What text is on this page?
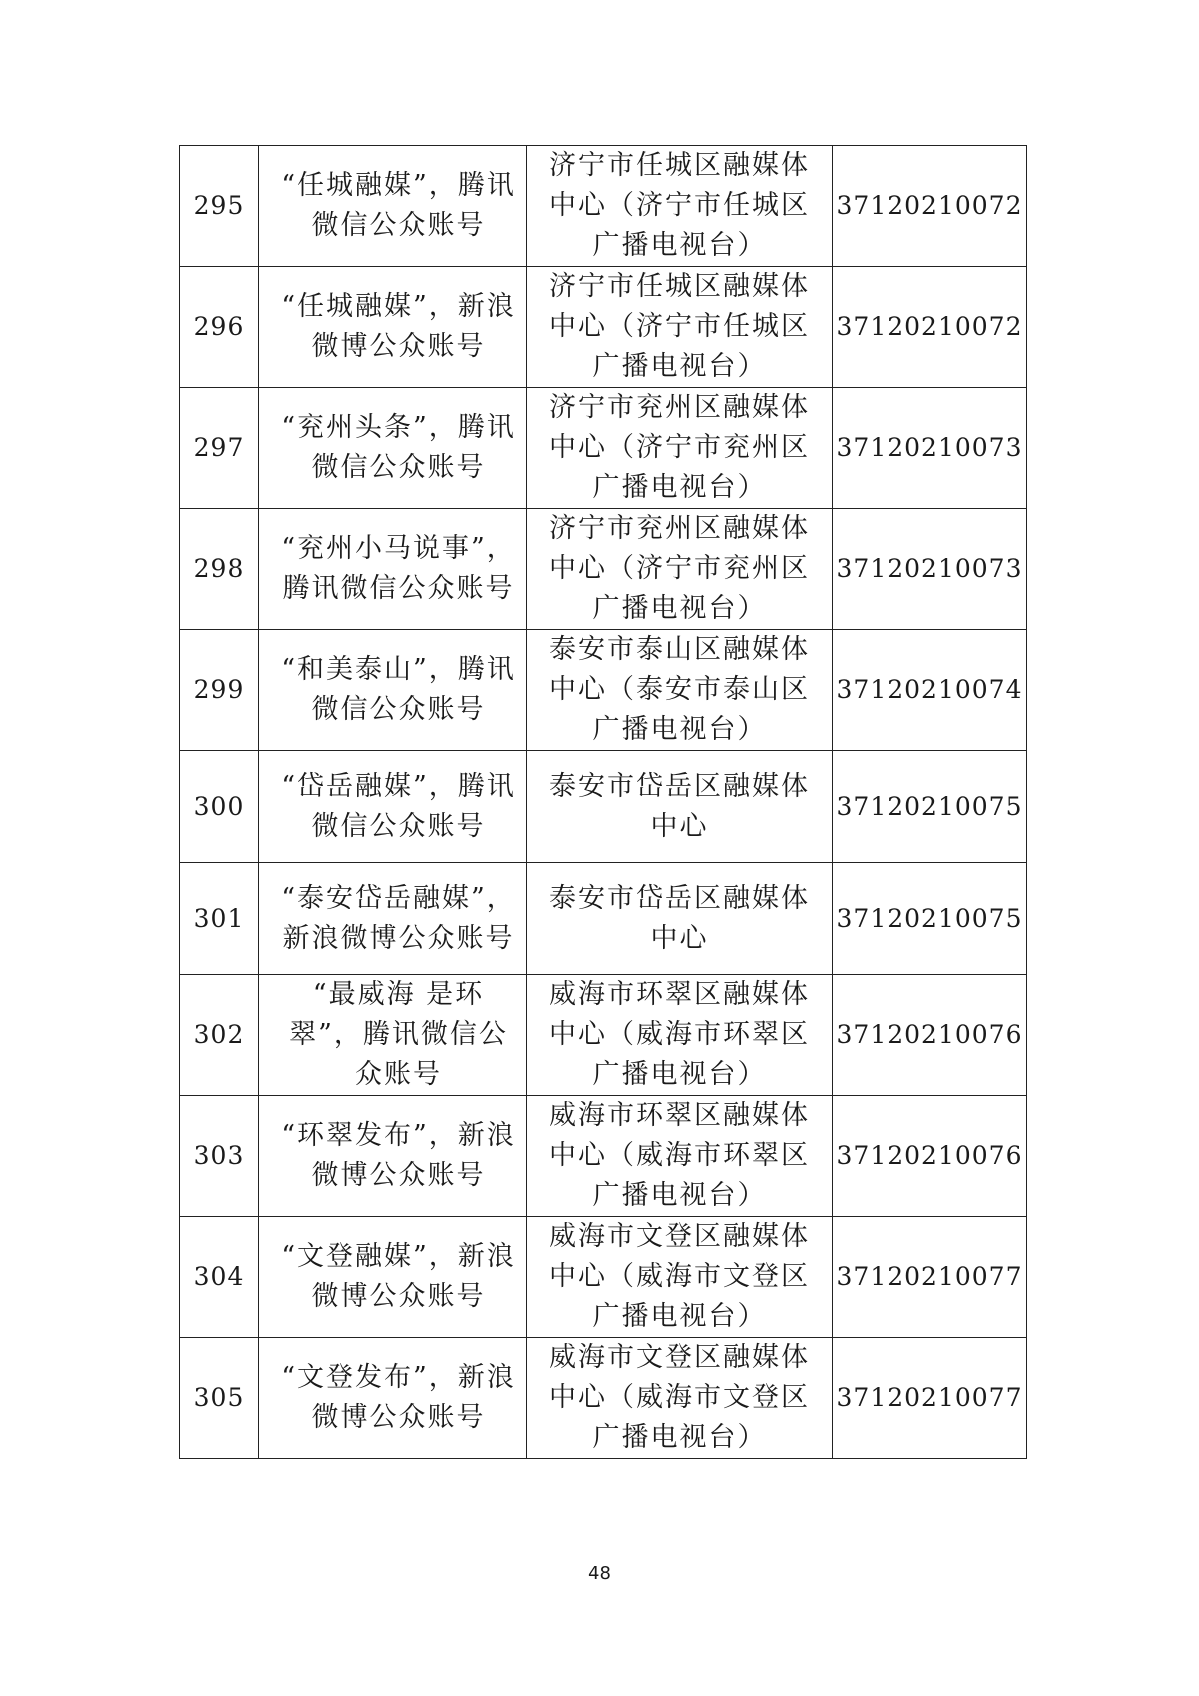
295	“任城融媒”，腾讯微信公众账号	济宁市任城区融媒体中心（济宁市任城区广播电视台）	37120210072
296	“任城融媒”，新浪微博公众账号	济宁市任城区融媒体中心（济宁市任城区广播电视台）	37120210072
297	“兖州头条”，腾讯微信公众账号	济宁市兖州区融媒体中心（济宁市兖州区广播电视台）	37120210073
298	“兖州小马说事”，腾讯微信公众账号	济宁市兖州区融媒体中心（济宁市兖州区广播电视台）	37120210073
299	“和美泰山”，腾讯微信公众账号	泰安市泰山区融媒体中心（泰安市泰山区广播电视台）	37120210074
300	“岱岳融媒”，腾讯微信公众账号	泰安市岱岳区融媒体中心	37120210075
301	“泰安岱岳融媒”，新浪微博公众账号	泰安市岱岳区融媒体中心	37120210075
302	“最威海 是环翠”，腾讯微信公众账号	威海市环翠区融媒体中心（威海市环翠区广播电视台）	37120210076
303	“环翠发布”，新浪微博公众账号	威海市环翠区融媒体中心（威海市环翠区广播电视台）	37120210076
304	“文登融媒”，新浪微博公众账号	威海市文登区融媒体中心（威海市文登区广播电视台）	37120210077
305	“文登发布”，新浪微博公众账号	威海市文登区融媒体中心（威海市文登区广播电视台）	37120210077
48
